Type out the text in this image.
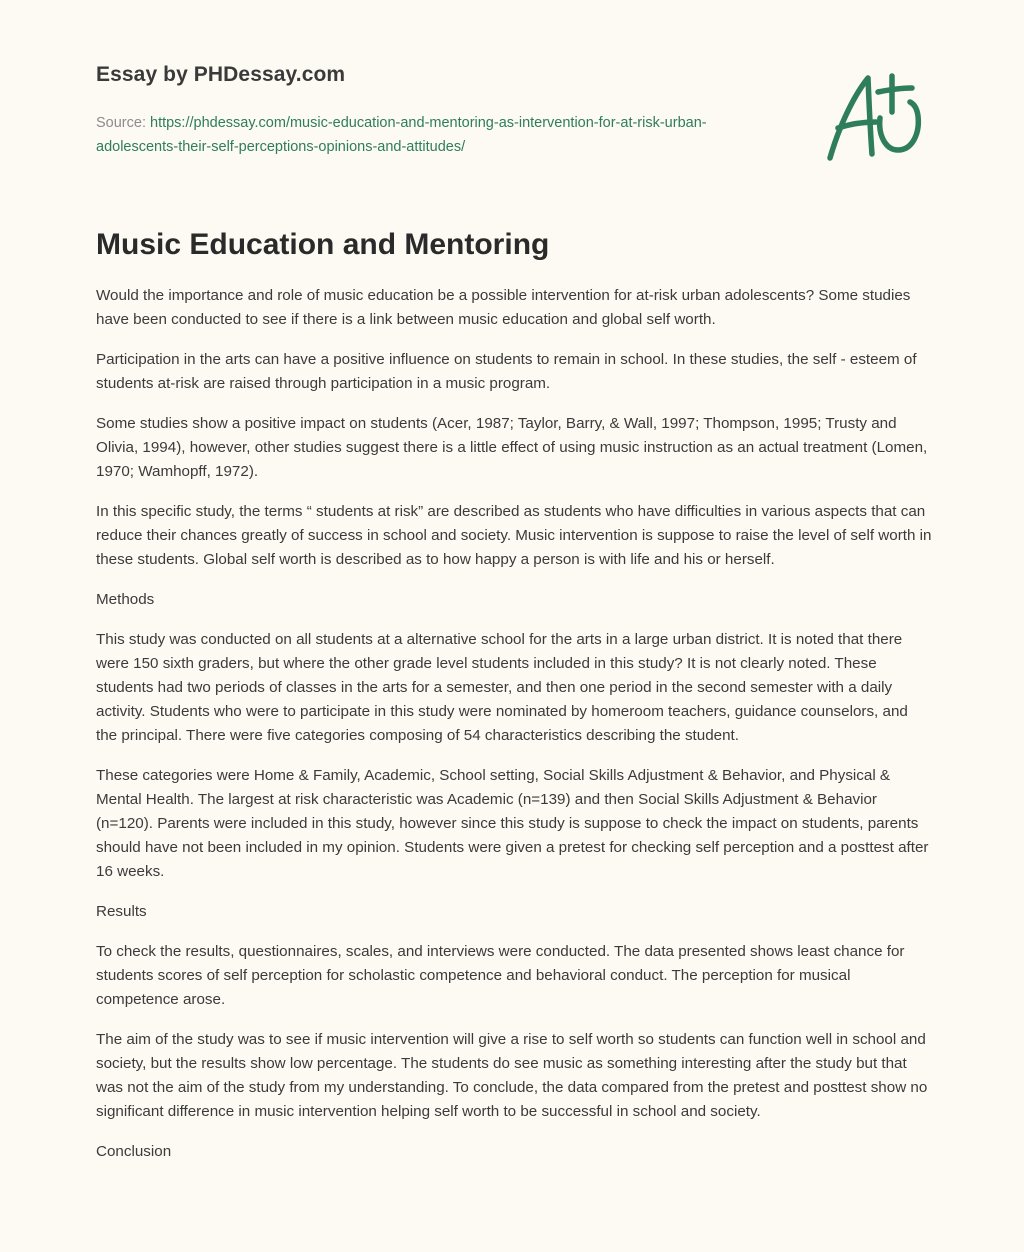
Essay by PHDessay.com
Source: https://phdessay.com/music-education-and-mentoring-as-intervention-for-at-risk-urban-adolescents-their-self-perceptions-opinions-and-attitudes/
Music Education and Mentoring

Would the importance and role of music education be a possible intervention for at-risk urban adolescents? Some studies have been conducted to see if there is a link between music education and global self worth.

Participation in the arts can have a positive influence on students to remain in school. In these studies, the self - esteem of students at-risk are raised through participation in a music program.

Some studies show a positive impact on students (Acer, 1987; Taylor, Barry, & Wall, 1997; Thompson, 1995; Trusty and Olivia, 1994), however, other studies suggest there is a little effect of using music instruction as an actual treatment (Lomen, 1970; Wamhopff, 1972).

In this specific study, the terms “ students at risk” are described as students who have difficulties in various aspects that can reduce their chances greatly of success in school and society. Music intervention is suppose to raise the level of self worth in these students. Global self worth is described as to how happy a person is with life and his or herself.

Methods

This study was conducted on all students at a alternative school for the arts in a large urban district. It is noted that there were 150 sixth graders, but where the other grade level students included in this study? It is not clearly noted. These students had two periods of classes in the arts for a semester, and then one period in the second semester with a daily activity. Students who were to participate in this study were nominated by homeroom teachers, guidance counselors, and the principal. There were five categories composing of 54 characteristics describing the student.

These categories were Home & Family, Academic, School setting, Social Skills Adjustment & Behavior, and Physical & Mental Health. The largest at risk characteristic was Academic (n=139) and then Social Skills Adjustment & Behavior (n=120). Parents were included in this study, however since this study is suppose to check the impact on students, parents should have not been included in my opinion. Students were given a pretest for checking self perception and a posttest after 16 weeks.

Results

To check the results, questionnaires, scales, and interviews were conducted. The data presented shows least chance for students scores of self perception for scholastic competence and behavioral conduct. The perception for musical competence arose.

The aim of the study was to see if music intervention will give a rise to self worth so students can function well in school and society, but the results show low percentage. The students do see music as something interesting after the study but that was not the aim of the study from my understanding. To conclude, the data compared from the pretest and posttest show no significant difference in music intervention helping self worth to be successful in school and society.

Conclusion
